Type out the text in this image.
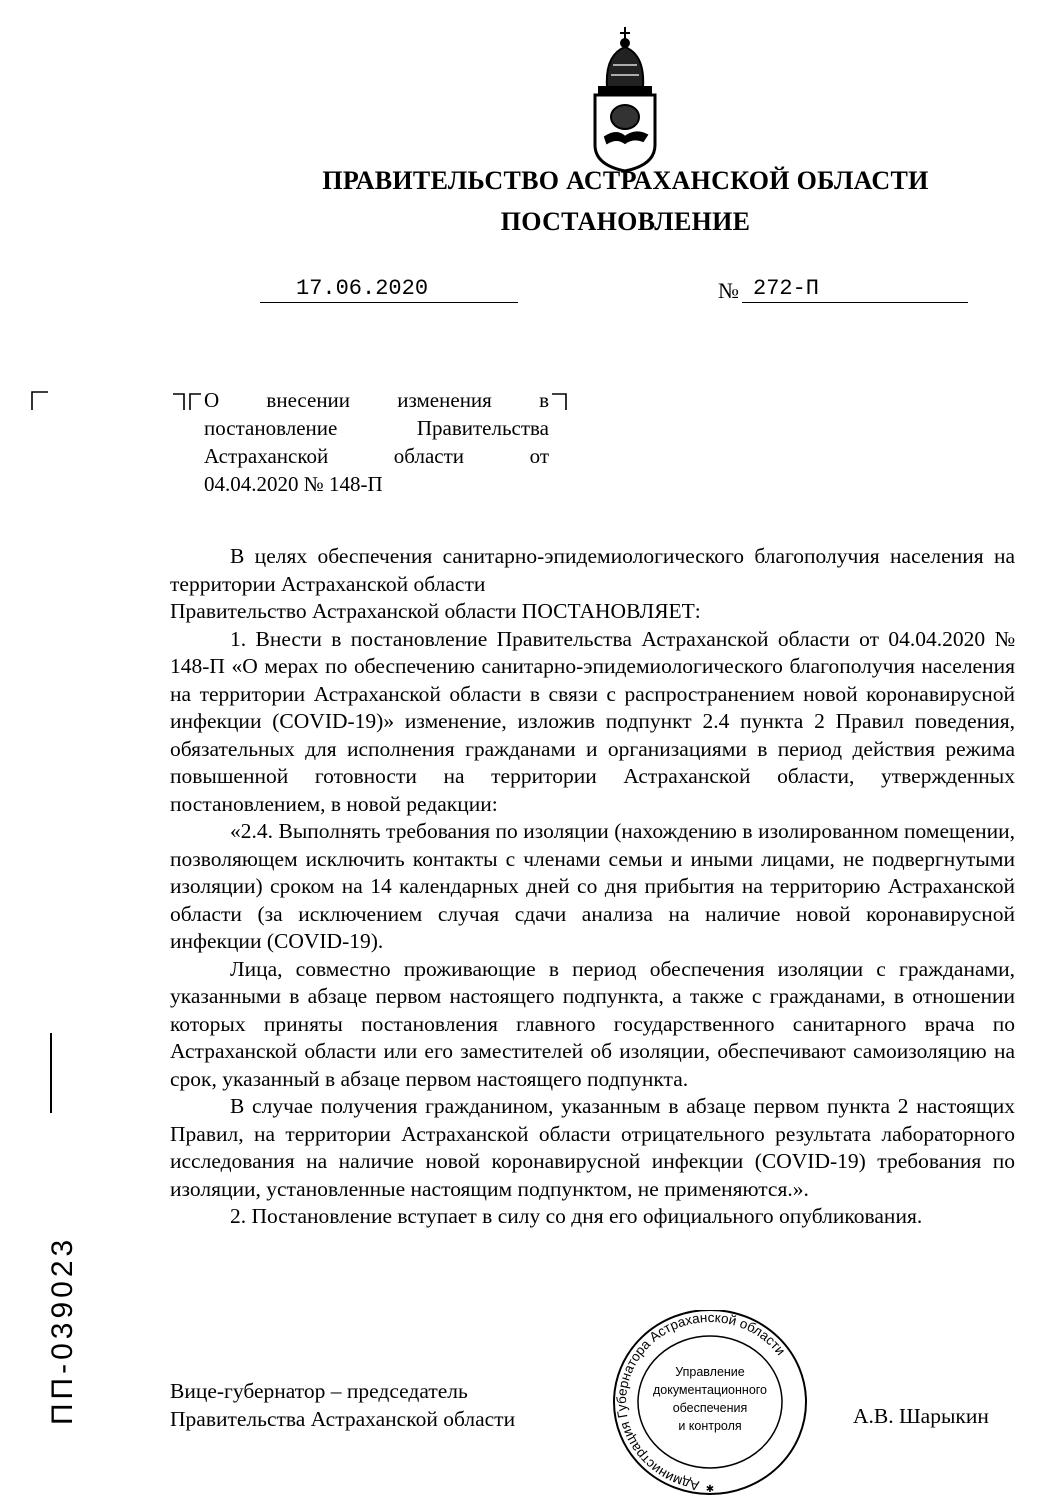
ПРАВИТЕЛЬСТВО АСТРАХАНСКОЙ ОБЛАСТИ
ПОСТАНОВЛЕНИЕ
17.06.2020	№ 272-П
О внесении изменения в
постановление Правительства
Астраханской области от
04.04.2020 № 148-П

В целях обеспечения санитарно-эпидемиологического благополучия населения на территории Астраханской области

Правительство Астраханской области ПОСТАНОВЛЯЕТ:

1. Внести в постановление Правительства Астраханской области от 04.04.2020 № 148-П «О мерах по обеспечению санитарно-эпидемиологического благополучия населения на территории Астраханской области в связи с распространением новой коронавирусной инфекции (COVID-19)» изменение, изложив подпункт 2.4 пункта 2 Правил поведения, обязательных для исполнения гражданами и организациями в период действия режима повышенной готовности на территории Астраханской области, утвержденных постановлением, в новой редакции:

«2.4. Выполнять требования по изоляции (нахождению в изолированном помещении, позволяющем исключить контакты с членами семьи и иными лицами, не подвергнутыми изоляции) сроком на 14 календарных дней со дня прибытия на территорию Астраханской области (за исключением случая сдачи анализа на наличие новой коронавирусной инфекции (COVID-19).

Лица, совместно проживающие в период обеспечения изоляции с гражданами, указанными в абзаце первом настоящего подпункта, а также с гражданами, в отношении которых приняты постановления главного государственного санитарного врача по Астраханской области или его заместителей об изоляции, обеспечивают самоизоляцию на срок, указанный в абзаце первом настоящего подпункта.

В случае получения гражданином, указанным в абзаце первом пункта 2 настоящих Правил, на территории Астраханской области отрицательного результата лабораторного исследования на наличие новой коронавирусной инфекции (COVID-19) требования по изоляции, установленные настоящим подпунктом, не применяются.».

2. Постановление вступает в силу со дня его официального опубликования.

Вице-губернатор – председатель
Правительства Астраханской области	А.В. Шарыкин
Администрация Губернатора Астраханской области
Управление
документационного
обеспечения
и контроля
✱
ПП-039023
